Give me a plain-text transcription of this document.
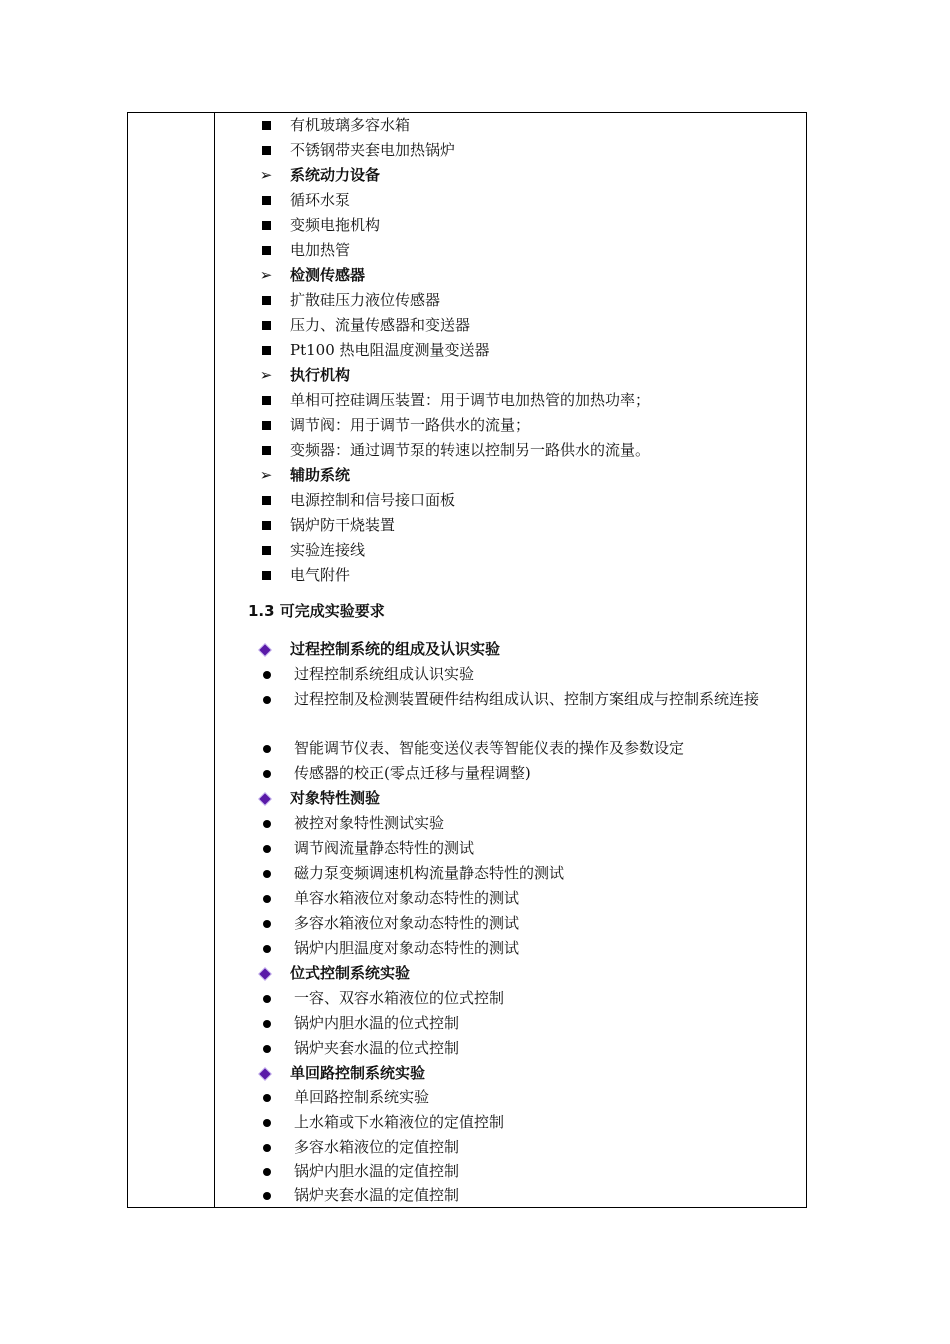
有机玻璃多容水箱
不锈钢带夹套电加热锅炉
➢ 系统动力设备
循环水泵
变频电拖机构
电加热管
➢ 检测传感器
扩散硅压力液位传感器
压力、流量传感器和变送器
Pt100 热电阻温度测量变送器
➢ 执行机构
单相可控硅调压装置：用于调节电加热管的加热功率；
调节阀：用于调节一路供水的流量；
变频器：通过调节泵的转速以控制另一路供水的流量。
➢ 辅助系统
电源控制和信号接口面板
锅炉防干烧装置
实验连接线
电气附件
1.3 可完成实验要求
过程控制系统的组成及认识实验
过程控制系统组成认识实验
过程控制及检测装置硬件结构组成认识、控制方案组成与控制系统连接
智能调节仪表、智能变送仪表等智能仪表的操作及参数设定
传感器的校正(零点迁移与量程调整)
对象特性测验
被控对象特性测试实验
调节阀流量静态特性的测试
磁力泵变频调速机构流量静态特性的测试
单容水箱液位对象动态特性的测试
多容水箱液位对象动态特性的测试
锅炉内胆温度对象动态特性的测试
位式控制系统实验
一容、双容水箱液位的位式控制
锅炉内胆水温的位式控制
锅炉夹套水温的位式控制
单回路控制系统实验
单回路控制系统实验
上水箱或下水箱液位的定值控制
多容水箱液位的定值控制
锅炉内胆水温的定值控制
锅炉夹套水温的定值控制
